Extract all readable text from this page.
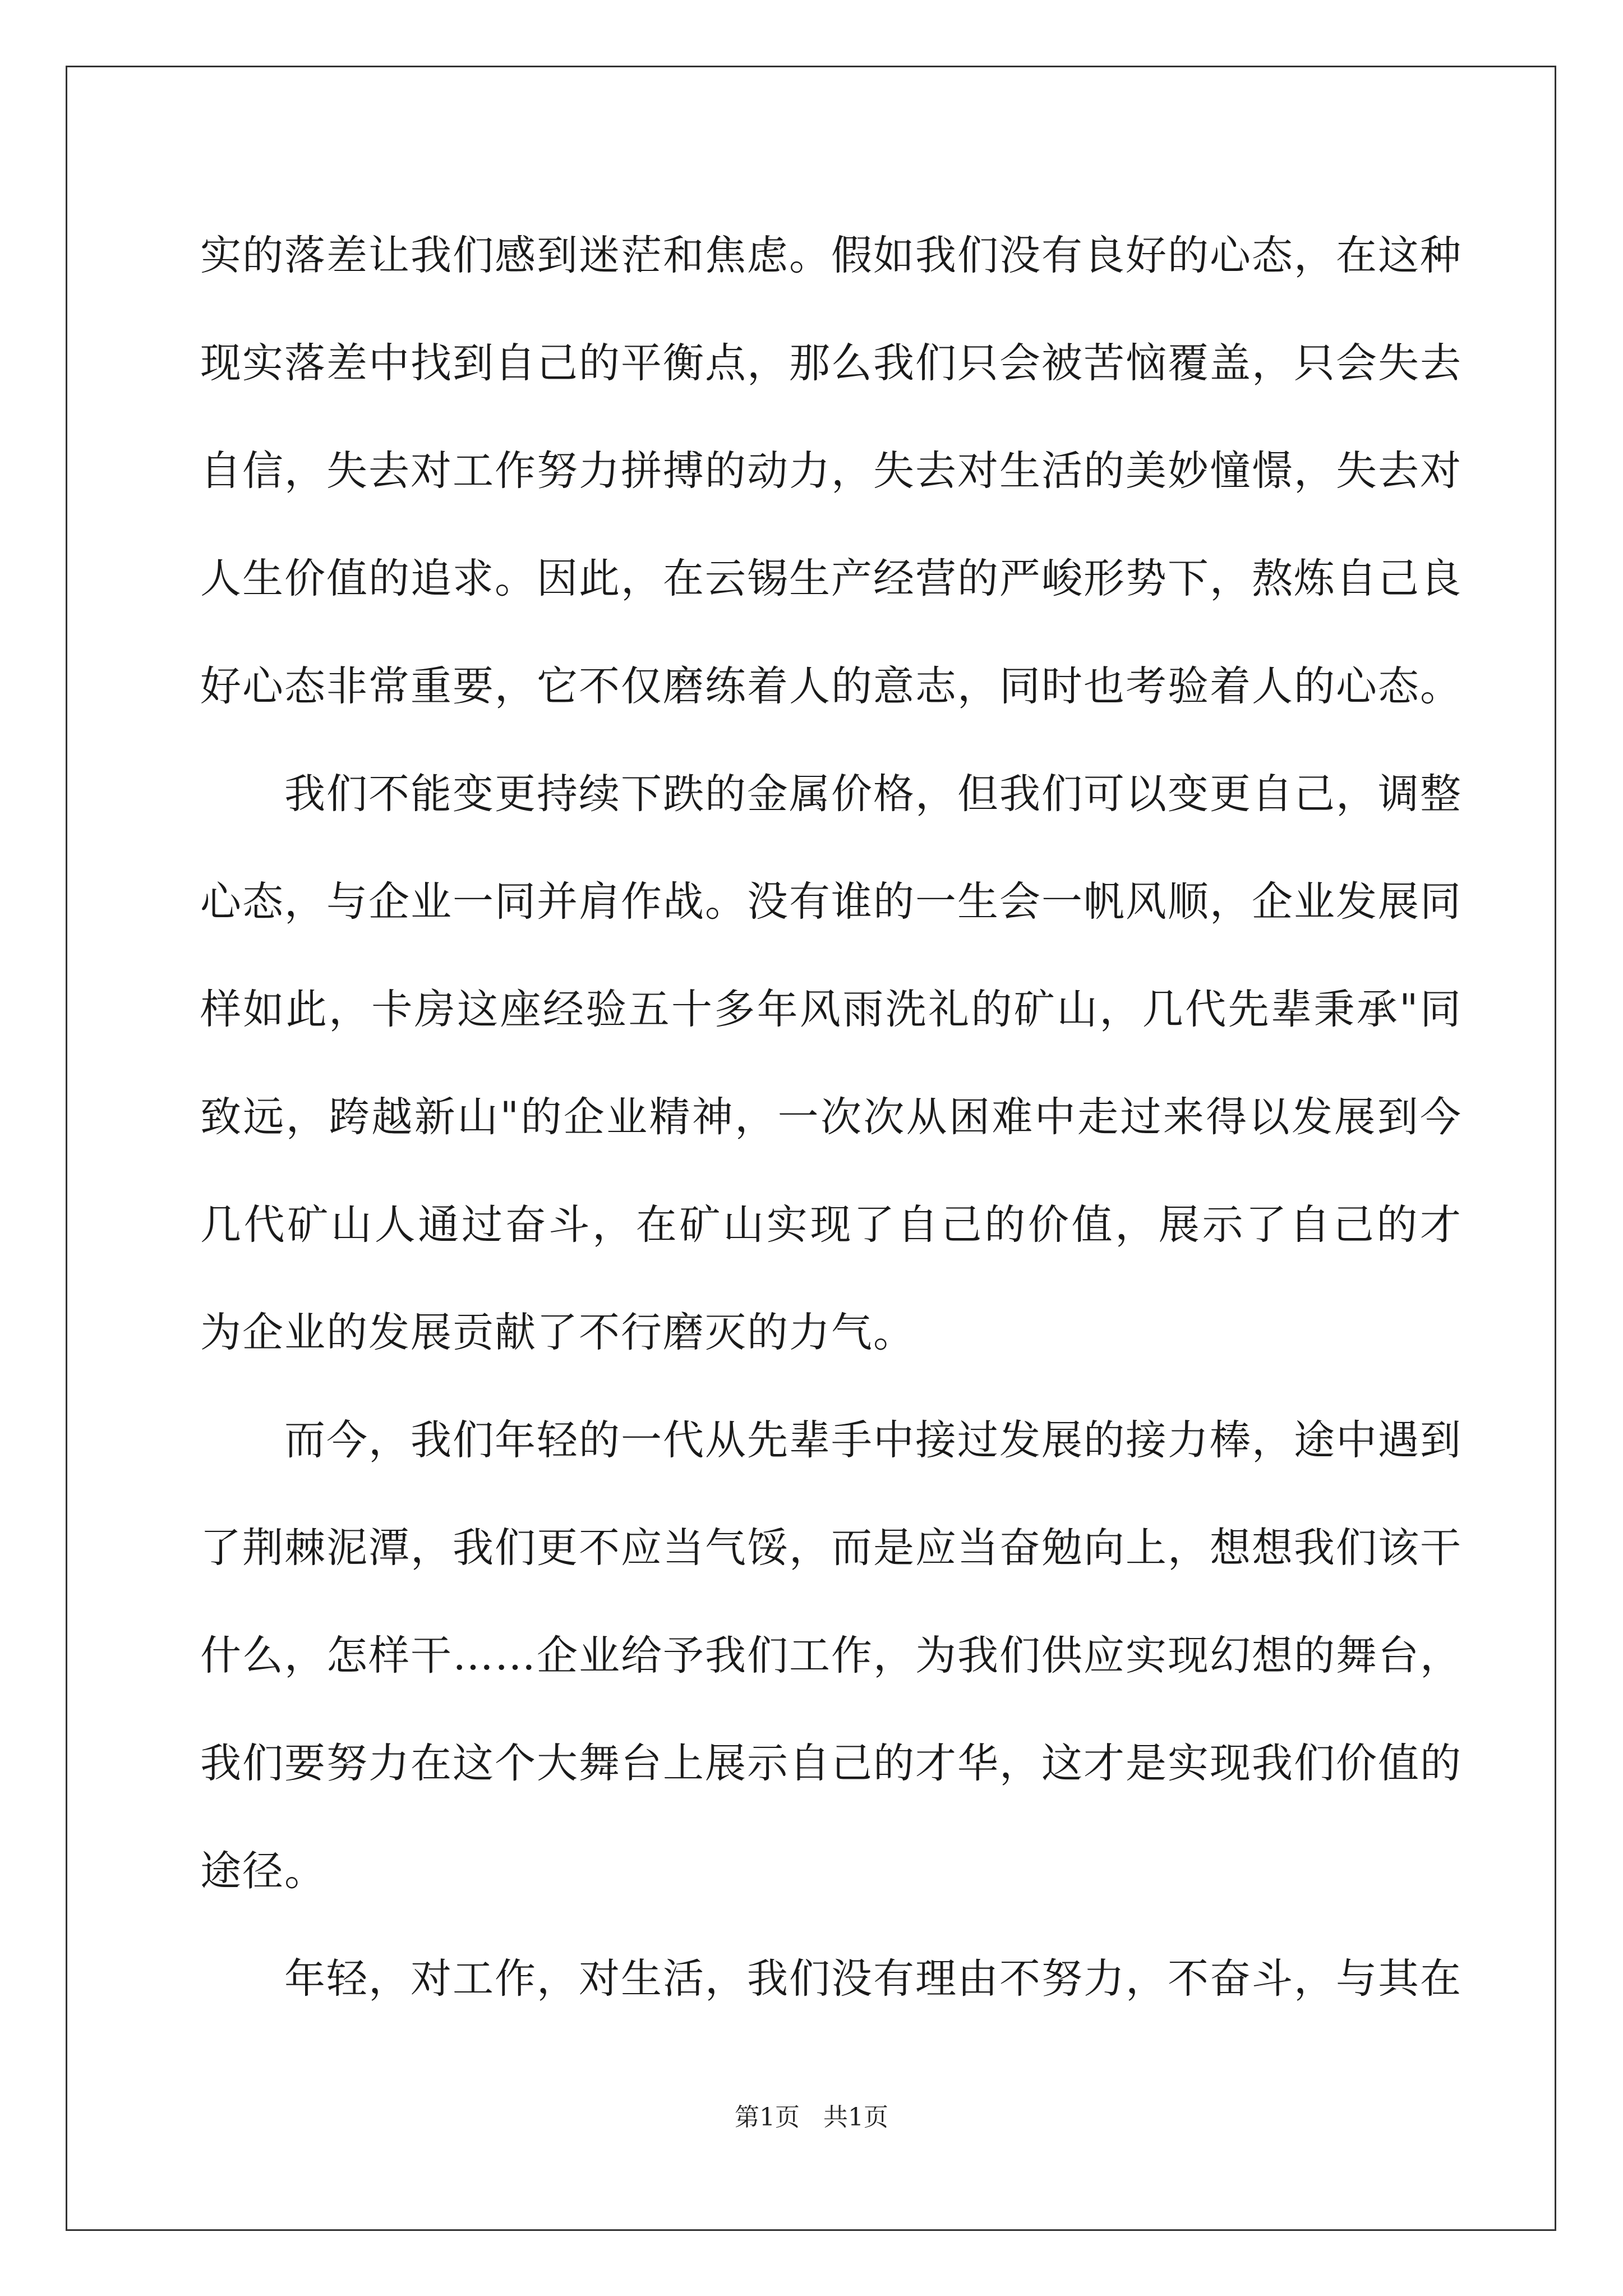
实的落差让我们感到迷茫和焦虑。假如我们没有良好的心态，在这种
现实落差中找到自己的平衡点，那么我们只会被苦恼覆盖，只会失去
自信，失去对工作努力拼搏的动力，失去对生活的美妙憧憬，失去对
人生价值的追求。因此，在云锡生产经营的严峻形势下，熬炼自己良
好心态非常重要，它不仅磨练着人的意志，同时也考验着人的心态。
　　我们不能变更持续下跌的金属价格，但我们可以变更自己，调整
心态，与企业一同并肩作战。没有谁的一生会一帆风顺，企业发展同
样如此，卡房这座经验五十多年风雨洗礼的矿山，几代先辈秉承"同
致远，跨越新山"的企业精神，一次次从困难中走过来得以发展到今
几代矿山人通过奋斗，在矿山实现了自己的价值，展示了自己的才
为企业的发展贡献了不行磨灭的力气。
　　而今，我们年轻的一代从先辈手中接过发展的接力棒，途中遇到
了荆棘泥潭，我们更不应当气馁，而是应当奋勉向上，想想我们该干
什么，怎样干……企业给予我们工作，为我们供应实现幻想的舞台，
我们要努力在这个大舞台上展示自己的才华，这才是实现我们价值的
途径。
　　年轻，对工作，对生活，我们没有理由不努力，不奋斗，与其在
第1页   共1页
